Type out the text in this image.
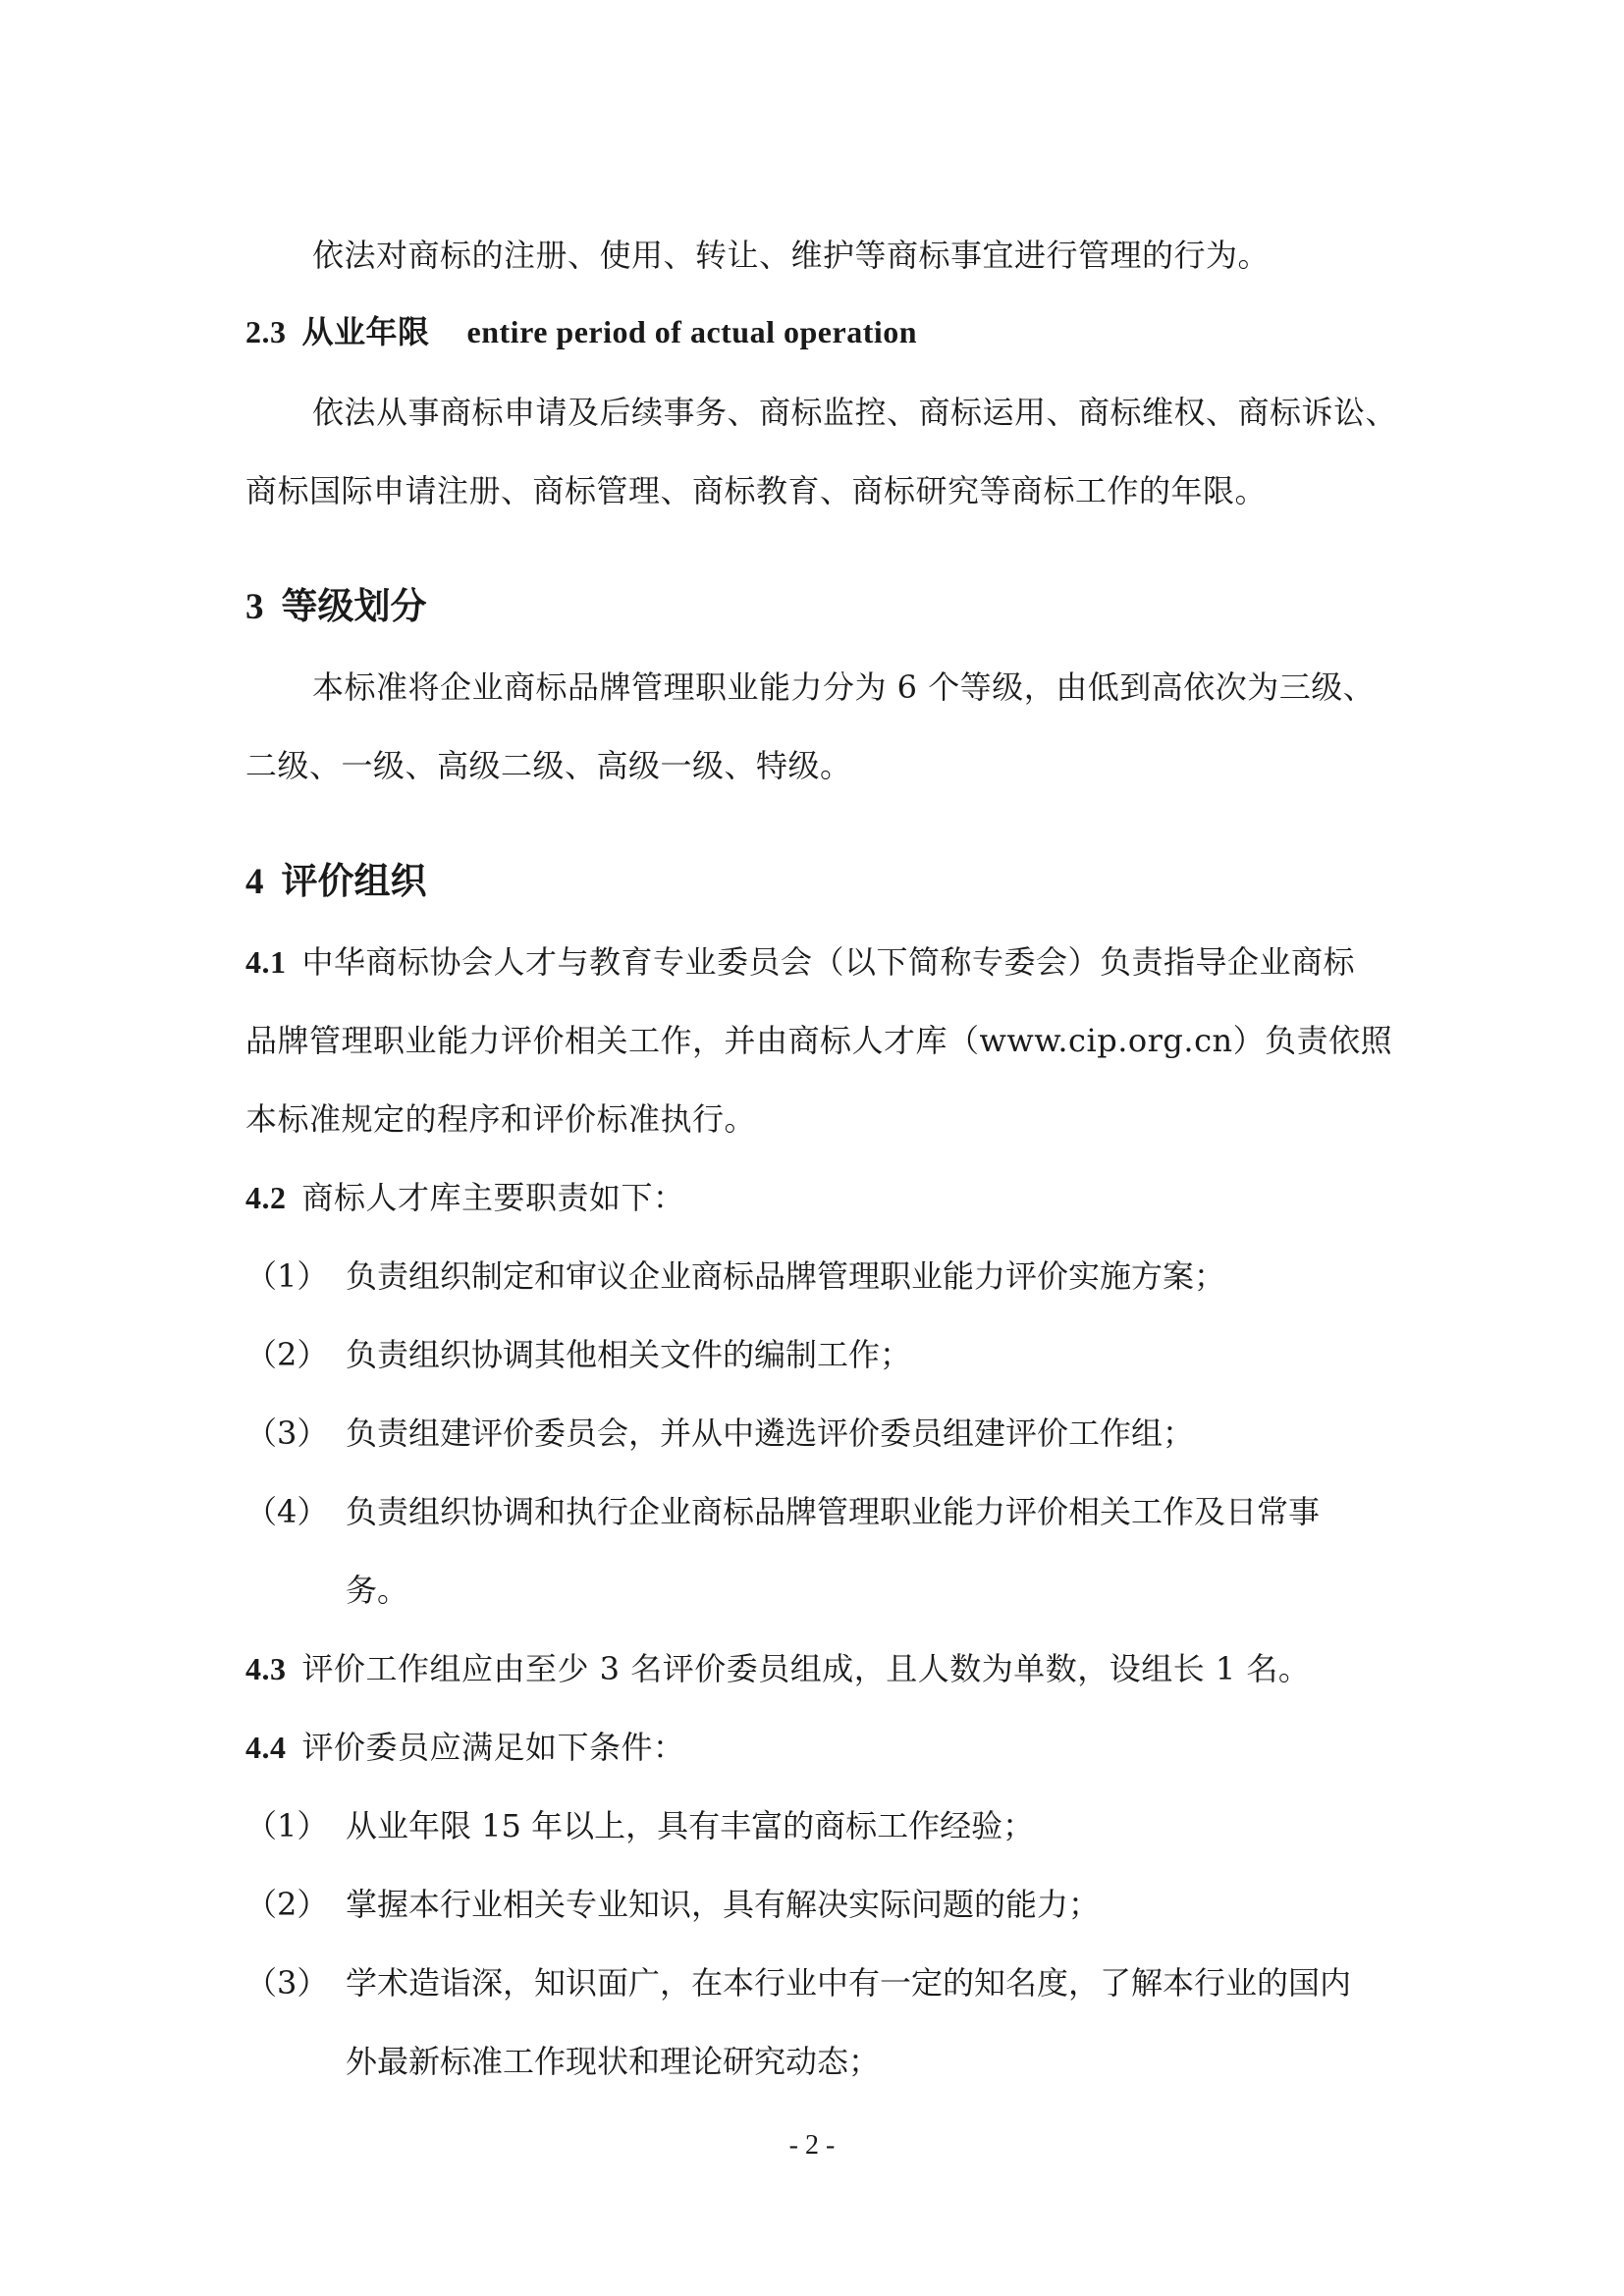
依法对商标的注册、使用、转让、维护等商标事宜进行管理的行为。
2.3 从业年限 entire period of actual operation
依法从事商标申请及后续事务、商标监控、商标运用、商标维权、商标诉讼、
商标国际申请注册、商标管理、商标教育、商标研究等商标工作的年限。
3 等级划分
本标准将企业商标品牌管理职业能力分为 6 个等级，由低到高依次为三级、
二级、一级、高级二级、高级一级、特级。
4 评价组织
4.1 中华商标协会人才与教育专业委员会（以下简称专委会）负责指导企业商标
品牌管理职业能力评价相关工作，并由商标人才库（www.cip.org.cn）负责依照
本标准规定的程序和评价标准执行。
4.2 商标人才库主要职责如下：
（1） 负责组织制定和审议企业商标品牌管理职业能力评价实施方案；
（2） 负责组织协调其他相关文件的编制工作；
（3） 负责组建评价委员会，并从中遴选评价委员组建评价工作组；
（4） 负责组织协调和执行企业商标品牌管理职业能力评价相关工作及日常事
务。
4.3 评价工作组应由至少 3 名评价委员组成，且人数为单数，设组长 1 名。
4.4 评价委员应满足如下条件：
（1） 从业年限 15 年以上，具有丰富的商标工作经验；
（2） 掌握本行业相关专业知识，具有解决实际问题的能力；
（3） 学术造诣深，知识面广，在本行业中有一定的知名度，了解本行业的国内
外最新标准工作现状和理论研究动态；
- 2 -
